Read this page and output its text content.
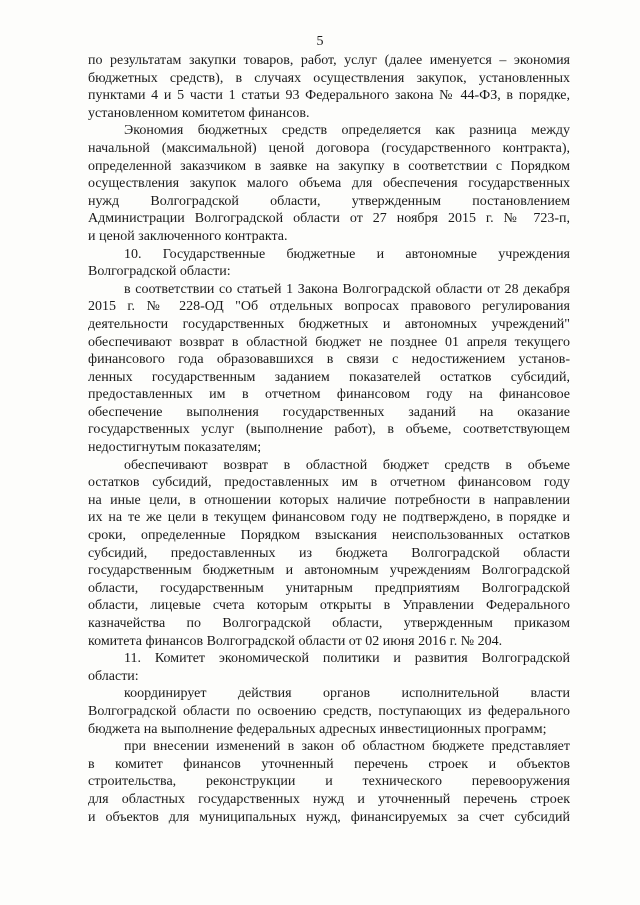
5

по результатам закупки товаров, работ, услуг (далее именуется – экономия

бюджетных средств), в случаях осуществления закупок, установленных

пунктами 4 и 5 части 1 статьи 93 Федерального закона № 44-ФЗ, в порядке,

установленном комитетом финансов.

Экономия бюджетных средств определяется как разница между

начальной (максимальной) ценой договора (государственного контракта),

определенной заказчиком в заявке на закупку в соответствии с Порядком

осуществления закупок малого объема для обеспечения государственных

нужд Волгоградской области, утвержденным постановлением

Администрации Волгоградской области от 27 ноября 2015 г. № 723-п,

и ценой заключенного контракта.

10. Государственные бюджетные и автономные учреждения

Волгоградской области:

в соответствии со статьей 1 Закона Волгоградской области от 28 декабря

2015 г. № 228-ОД "Об отдельных вопросах правового регулирования

деятельности государственных бюджетных и автономных учреждений"

обеспечивают возврат в областной бюджет не позднее 01 апреля текущего

финансового года образовавшихся в связи с недостижением установ-

ленных государственным заданием показателей остатков субсидий,

предоставленных им в отчетном финансовом году на финансовое

обеспечение выполнения государственных заданий на оказание

государственных услуг (выполнение работ), в объеме, соответствующем

недостигнутым показателям;

обеспечивают возврат в областной бюджет средств в объеме

остатков субсидий, предоставленных им в отчетном финансовом году

на иные цели, в отношении которых наличие потребности в направлении

их на те же цели в текущем финансовом году не подтверждено, в порядке и

сроки, определенные Порядком взыскания неиспользованных остатков

субсидий, предоставленных из бюджета Волгоградской области

государственным бюджетным и автономным учреждениям Волгоградской

области, государственным унитарным предприятиям Волгоградской

области, лицевые счета которым открыты в Управлении Федерального

казначейства по Волгоградской области, утвержденным приказом

комитета финансов Волгоградской области от 02 июня 2016 г. № 204.

11. Комитет экономической политики и развития Волгоградской

области:

координирует действия органов исполнительной власти

Волгоградской области по освоению средств, поступающих из федерального

бюджета на выполнение федеральных адресных инвестиционных программ;

при внесении изменений в закон об областном бюджете представляет

в комитет финансов уточненный перечень строек и объектов

строительства, реконструкции и технического перевооружения

для областных государственных нужд и уточненный перечень строек

и объектов для муниципальных нужд, финансируемых за счет субсидий
